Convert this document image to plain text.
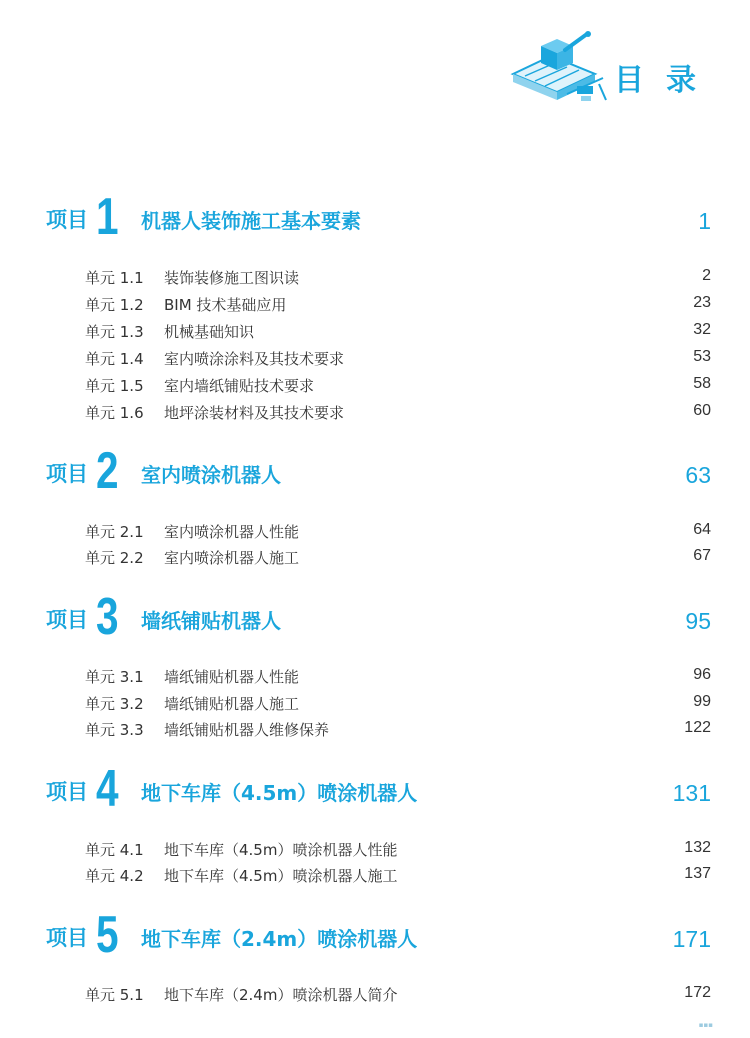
目录
项目 1 机器人装饰施工基本要素	1
单元 1.1 装饰装修施工图识读	2
单元 1.2 BIM 技术基础应用	23
单元 1.3 机械基础知识	32
单元 1.4 室内喷涂涂料及其技术要求	53
单元 1.5 室内墙纸铺贴技术要求	58
单元 1.6 地坪涂装材料及其技术要求	60
项目 2 室内喷涂机器人	63
单元 2.1 室内喷涂机器人性能	64
单元 2.2 室内喷涂机器人施工	67
项目 3 墙纸铺贴机器人	95
单元 3.1 墙纸铺贴机器人性能	96
单元 3.2 墙纸铺贴机器人施工	99
单元 3.3 墙纸铺贴机器人维修保养	122
项目 4 地下车库（4.5m）喷涂机器人	131
单元 4.1 地下车库（4.5m）喷涂机器人性能	132
单元 4.2 地下车库（4.5m）喷涂机器人施工	137
项目 5 地下车库（2.4m）喷涂机器人	171
单元 5.1 地下车库（2.4m）喷涂机器人简介	172
▪▪▪
